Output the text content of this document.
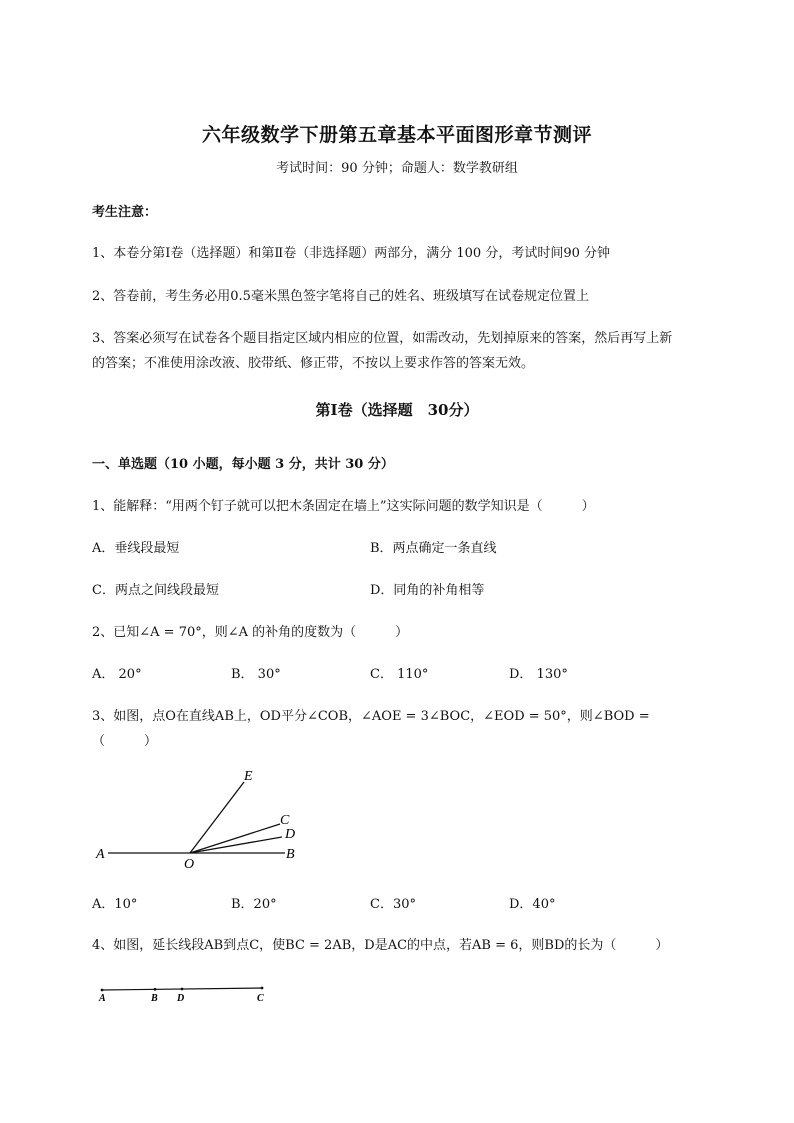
六年级数学下册第五章基本平面图形章节测评
考试时间：90 分钟；命题人：数学教研组
考生注意：
1、本卷分第Ⅰ卷（选择题）和第Ⅱ卷（非选择题）两部分，满分 100 分，考试时间90 分钟
2、答卷前，考生务必用0.5毫米黑色签字笔将自己的姓名、班级填写在试卷规定位置上
3、答案必须写在试卷各个题目指定区域内相应的位置，如需改动，先划掉原来的答案，然后再写上新
的答案；不准使用涂改液、胶带纸、修正带，不按以上要求作答的答案无效。
第Ⅰ卷（选择题　30分）
一、单选题（10 小题，每小题 3 分，共计 30 分）
1、能解释：“用两个钉子就可以把木条固定在墙上”这实际问题的数学知识是（　　　）
A．垂线段最短	B．两点确定一条直线
C．两点之间线段最短	D．同角的补角相等
2、已知∠A = 70°，则∠A 的补角的度数为（　　　）
A． 20°	B． 30°	C． 110°	D． 130°
3、如图，点O在直线AB上，OD平分∠COB，∠AOE = 3∠BOC，∠EOD = 50°，则∠BOD =
（　　　）
E
C
D
A
O
B
A．10°	B．20°	C．30°	D．40°
4、如图，延长线段AB到点C，使BC = 2AB，D是AC的中点，若AB = 6，则BD的长为（　　　）
A	B D	C
